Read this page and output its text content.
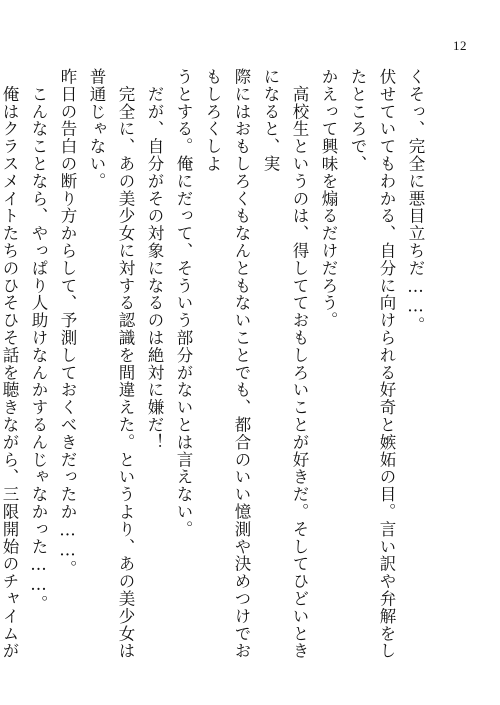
12

くそっ、完全に悪目立ちだ……。

伏せていてもわかる、自分に向けられる好奇と嫉妬の目。言い訳や弁解をしたところで、

かえって興味を煽るだけだろう。

　高校生というのは、得してておもしろいことが好きだ。そしてひどいときになると、実

際にはおもしろくもなんともないことでも、都合のいい憶測や決めつけでおもしろくしよ

うとする。俺にだって、そういう部分がないとは言えない。

　だが、自分がその対象になるのは絶対に嫌だ！

　完全に、あの美少女に対する認識を間違えた。というより、あの美少女は普通じゃない。

昨日の告白の断り方からして、予測しておくべきだったか……。

　こんなことなら、やっぱり人助けなんかするんじゃなかった……。

　俺はクラスメイトたちのひそひそ話を聴きながら、三限開始のチャイムが
